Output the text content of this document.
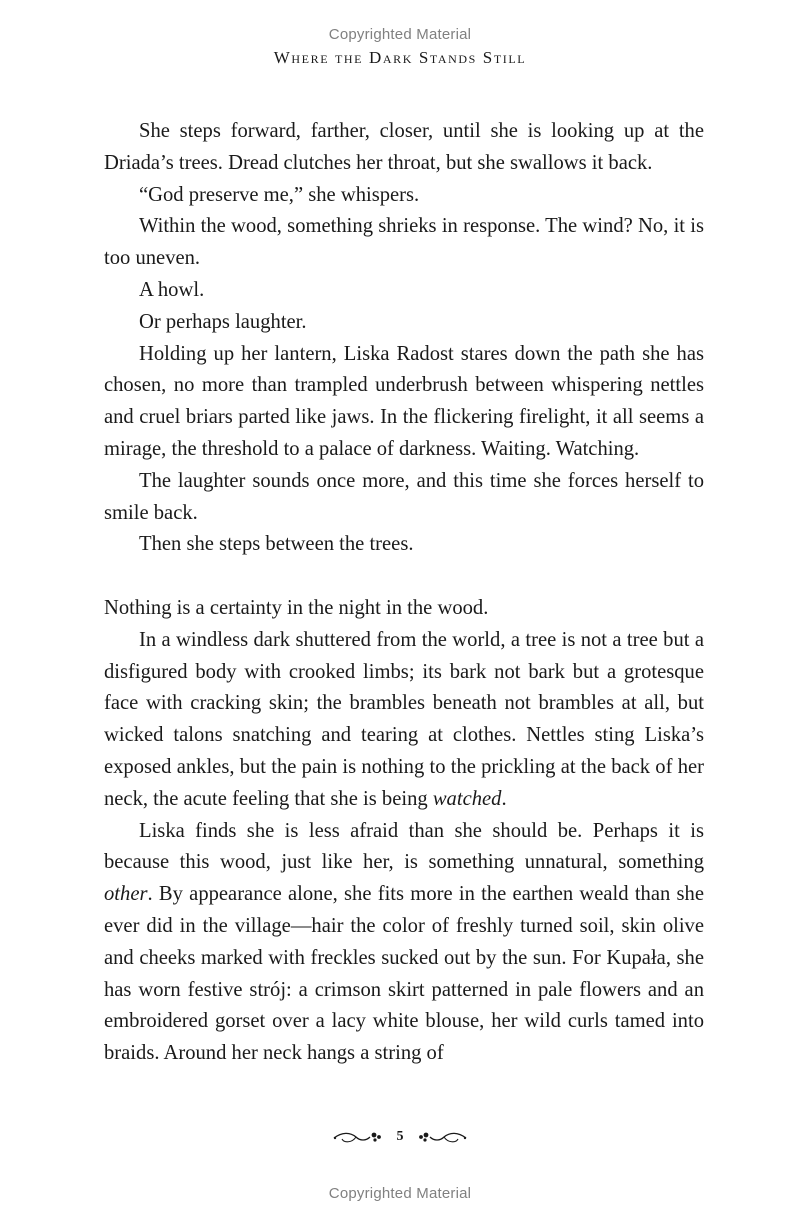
Copyrighted Material
Where the Dark Stands Still

She steps forward, farther, closer, until she is looking up at the Driada’s trees. Dread clutches her throat, but she swallows it back.

“God preserve me,” she whispers.

Within the wood, something shrieks in response. The wind? No, it is too uneven.

A howl.

Or perhaps laughter.

Holding up her lantern, Liska Radost stares down the path she has chosen, no more than trampled underbrush between whispering nettles and cruel briars parted like jaws. In the flickering firelight, it all seems a mirage, the threshold to a palace of darkness. Waiting. Watching.

The laughter sounds once more, and this time she forces herself to smile back.

Then she steps between the trees.

Nothing is a certainty in the night in the wood.

In a windless dark shuttered from the world, a tree is not a tree but a disfigured body with crooked limbs; its bark not bark but a grotesque face with cracking skin; the brambles beneath not brambles at all, but wicked talons snatching and tearing at clothes. Nettles sting Liska’s exposed ankles, but the pain is nothing to the prickling at the back of her neck, the acute feeling that she is being watched.

Liska finds she is less afraid than she should be. Perhaps it is because this wood, just like her, is something unnatural, something other. By appearance alone, she fits more in the earthen weald than she ever did in the village—hair the color of freshly turned soil, skin olive and cheeks marked with freckles sucked out by the sun. For Kupała, she has worn festive strój: a crimson skirt patterned in pale flowers and an embroidered gorset over a lacy white blouse, her wild curls tamed into braids. Around her neck hangs a string of

5
Copyrighted Material
